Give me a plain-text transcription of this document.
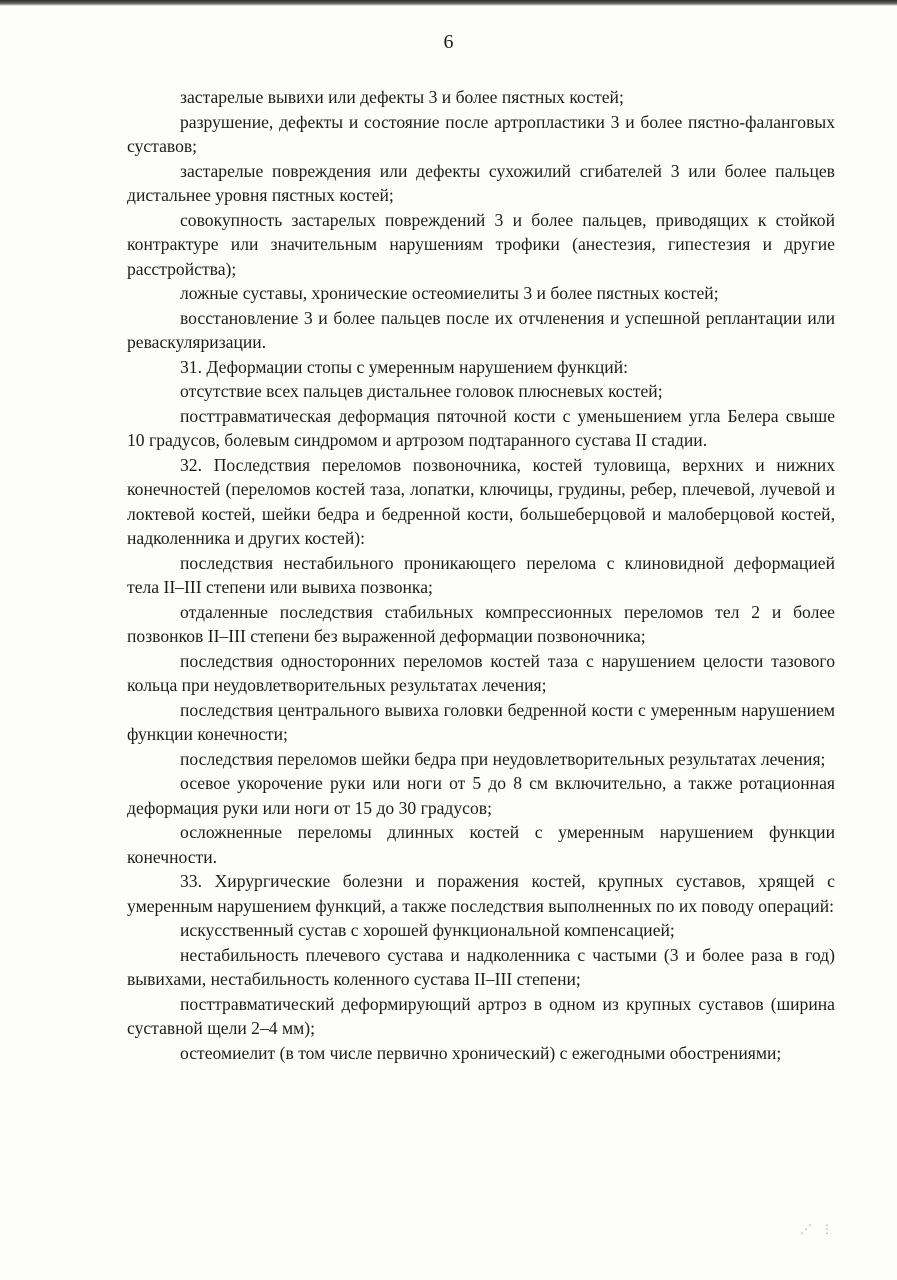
6

застарелые вывихи или дефекты 3 и более пястных костей;

разрушение, дефекты и состояние после артропластики 3 и более пястно-фаланговых суставов;

застарелые повреждения или дефекты сухожилий сгибателей 3 или более пальцев дистальнее уровня пястных костей;

совокупность застарелых повреждений 3 и более пальцев, приводящих к стойкой контрактуре или значительным нарушениям трофики (анестезия, гипестезия и другие расстройства);

ложные суставы, хронические остеомиелиты 3 и более пястных костей;

восстановление 3 и более пальцев после их отчленения и успешной реплантации или реваскуляризации.

31. Деформации стопы с умеренным нарушением функций:

отсутствие всех пальцев дистальнее головок плюсневых костей;

посттравматическая деформация пяточной кости с уменьшением угла Белера свыше 10 градусов, болевым синдромом и артрозом подтаранного сустава II стадии.

32. Последствия переломов позвоночника, костей туловища, верхних и нижних конечностей (переломов костей таза, лопатки, ключицы, грудины, ребер, плечевой, лучевой и локтевой костей, шейки бедра и бедренной кости, большеберцовой и малоберцовой костей, надколенника и других костей):

последствия нестабильного проникающего перелома с клиновидной деформацией тела II–III степени или вывиха позвонка;

отдаленные последствия стабильных компрессионных переломов тел 2 и более позвонков II–III степени без выраженной деформации позвоночника;

последствия односторонних переломов костей таза с нарушением целости тазового кольца при неудовлетворительных результатах лечения;

последствия центрального вывиха головки бедренной кости с умеренным нарушением функции конечности;

последствия переломов шейки бедра при неудовлетворительных результатах лечения;

осевое укорочение руки или ноги от 5 до 8 см включительно, а также ротационная деформация руки или ноги от 15 до 30 градусов;

осложненные переломы длинных костей с умеренным нарушением функции конечности.

33. Хирургические болезни и поражения костей, крупных суставов, хрящей с умеренным нарушением функций, а также последствия выполненных по их поводу операций:

искусственный сустав с хорошей функциональной компенсацией;

нестабильность плечевого сустава и надколенника с частыми (3 и более раза в год) вывихами, нестабильность коленного сустава II–III степени;

посттравматический деформирующий артроз в одном из крупных суставов (ширина суставной щели 2–4 мм);

остеомиелит (в том числе первично хронический) с ежегодными обострениями;

⋰ ⋮
